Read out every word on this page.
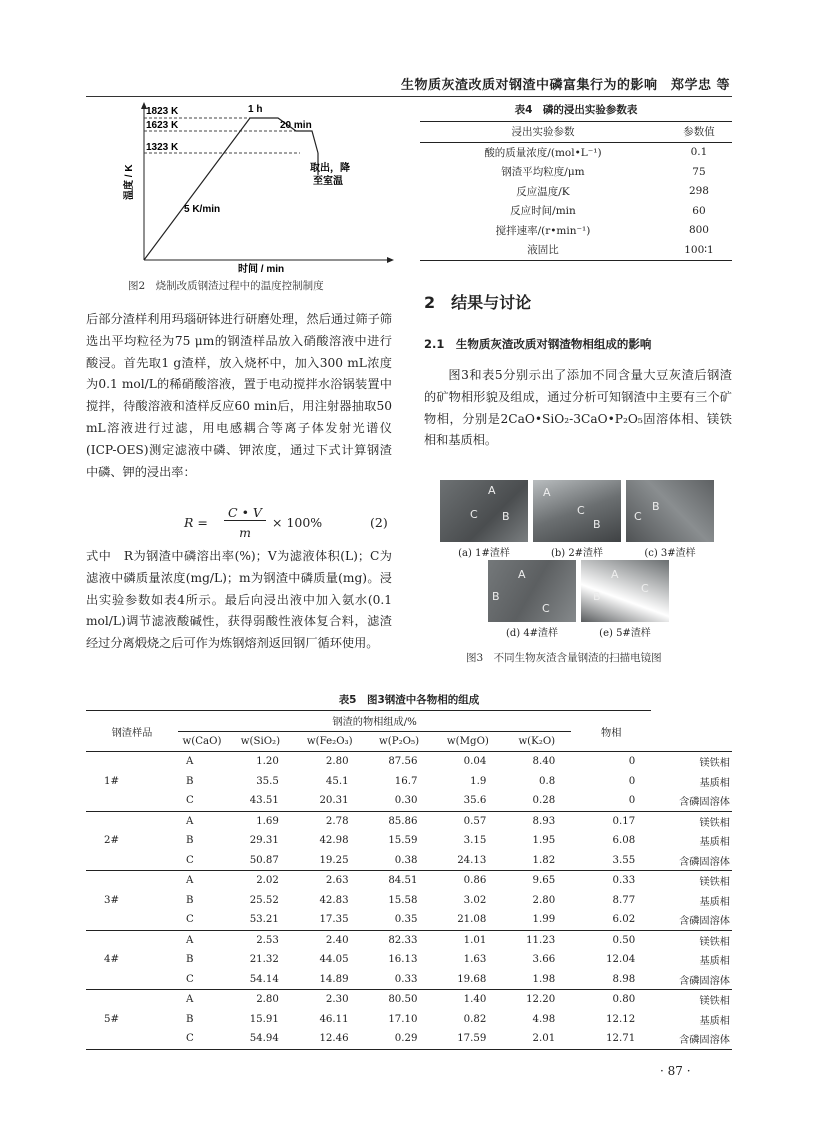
生物质灰渣改质对钢渣中磷富集行为的影响　郑学忠 等
1823 K
1623 K
1323 K
1 h
20 min
取出，降
至室温
5 K/min
时间 / min
温度 / K
图2　烧制改质钢渣过程中的温度控制制度
后部分渣样利用玛瑙研钵进行研磨处理，然后通过筛子筛选出平均粒径为75 μm的钢渣样品放入硝酸溶液中进行酸浸。首先取1 g渣样，放入烧杯中，加入300 mL浓度为0.1 mol/L的稀硝酸溶液，置于电动搅拌水浴锅装置中搅拌，待酸溶液和渣样反应60 min后，用注射器抽取50 mL溶液进行过滤，用电感耦合等离子体发射光谱仪(ICP-OES)测定滤液中磷、钾浓度，通过下式计算钢渣中磷、钾的浸出率：
R =
C • V
m
× 100%	(2)
式中　R为钢渣中磷溶出率(%)；V为滤液体积(L)；C为滤液中磷质量浓度(mg/L)；m为钢渣中磷质量(mg)。浸出实验参数如表4所示。最后向浸出液中加入氨水(0.1 mol/L)调节滤液酸碱性，获得弱酸性液体复合料，滤渣经过分离煅烧之后可作为炼钢熔剂返回钢厂循环使用。
表4　磷的浸出实验参数表
浸出实验参数	参数值
酸的质量浓度/(mol•L⁻¹)	0.1
钢渣平均粒度/μm	75
反应温度/K	298
反应时间/min	60
搅拌速率/(r•min⁻¹)	800
液固比	100∶1
2　结果与讨论
2.1　生物质灰渣改质对钢渣物相组成的影响
图3和表5分别示出了添加不同含量大豆灰渣后钢渣的矿物相形貌及组成，通过分析可知钢渣中主要有三个矿物相，分别是2CaO•SiO₂-3CaO•P₂O₅固溶体相、镁铁相和基质相。
A
C B
A
C
B
C
B
(a) 1#渣样	(b) 2#渣样	(c) 3#渣样
A
B
C
A
B
C
(d) 4#渣样	(e) 5#渣样
图3　不同生物灰渣含量钢渣的扫描电镜图
表5　图3钢渣中各物相的组成
钢渣样品	钢渣的物相组成/%						物相	
	w(CaO)	w(SiO₂)	w(Fe₂O₃)	w(P₂O₅)	w(MgO)	w(K₂O)		
1#	A	1.20	2.80	87.56	0.04	8.40	0	镁铁相
	B	35.5	45.1	16.7	1.9	0.8	0	基质相
	C	43.51	20.31	0.30	35.6	0.28	0	含磷固溶体
2#	A	1.69	2.78	85.86	0.57	8.93	0.17	镁铁相
	B	29.31	42.98	15.59	3.15	1.95	6.08	基质相
	C	50.87	19.25	0.38	24.13	1.82	3.55	含磷固溶体
3#	A	2.02	2.63	84.51	0.86	9.65	0.33	镁铁相
	B	25.52	42.83	15.58	3.02	2.80	8.77	基质相
	C	53.21	17.35	0.35	21.08	1.99	6.02	含磷固溶体
4#	A	2.53	2.40	82.33	1.01	11.23	0.50	镁铁相
	B	21.32	44.05	16.13	1.63	3.66	12.04	基质相
	C	54.14	14.89	0.33	19.68	1.98	8.98	含磷固溶体
5#	A	2.80	2.30	80.50	1.40	12.20	0.80	镁铁相
	B	15.91	46.11	17.10	0.82	4.98	12.12	基质相
	C	54.94	12.46	0.29	17.59	2.01	12.71	含磷固溶体
· 87 ·
